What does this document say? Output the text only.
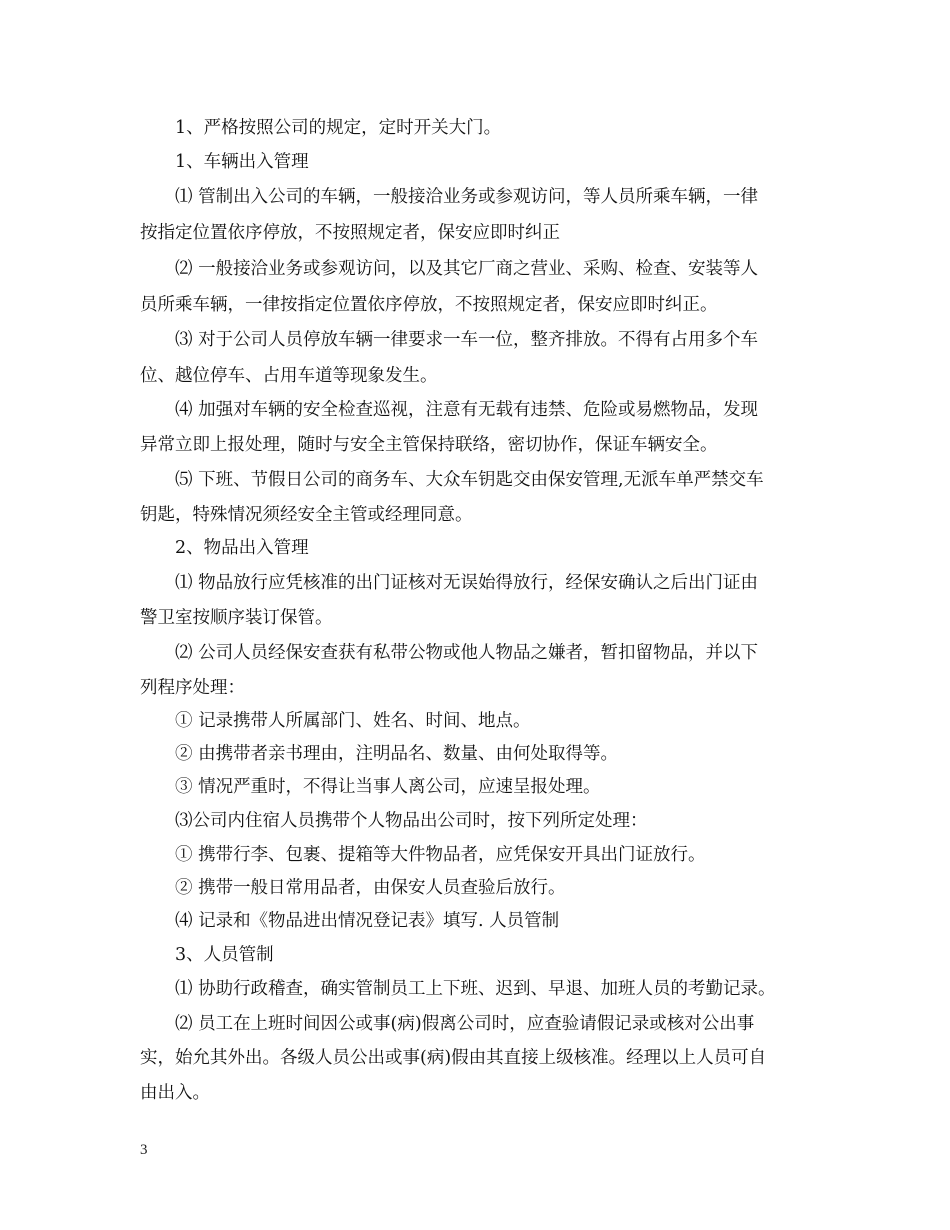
1、严格按照公司的规定，定时开关大门。
1、车辆出入管理
⑴ 管制出入公司的车辆，一般接洽业务或参观访问，等人员所乘车辆，一律
按指定位置依序停放，不按照规定者，保安应即时纠正
⑵ 一般接洽业务或参观访问，以及其它厂商之营业、采购、检查、安装等人
员所乘车辆，一律按指定位置依序停放，不按照规定者，保安应即时纠正。
⑶ 对于公司人员停放车辆一律要求一车一位，整齐排放。不得有占用多个车
位、越位停车、占用车道等现象发生。
⑷ 加强对车辆的安全检查巡视，注意有无载有违禁、危险或易燃物品，发现
异常立即上报处理，随时与安全主管保持联络，密切协作，保证车辆安全。
⑸ 下班、节假日公司的商务车、大众车钥匙交由保安管理,无派车单严禁交车
钥匙，特殊情况须经安全主管或经理同意。
2、物品出入管理
⑴ 物品放行应凭核准的出门证核对无误始得放行，经保安确认之后出门证由
警卫室按顺序装订保管。
⑵ 公司人员经保安查获有私带公物或他人物品之嫌者，暂扣留物品，并以下
列程序处理：
① 记录携带人所属部门、姓名、时间、地点。
② 由携带者亲书理由，注明品名、数量、由何处取得等。
③ 情况严重时，不得让当事人离公司，应速呈报处理。
⑶公司内住宿人员携带个人物品出公司时，按下列所定处理：
① 携带行李、包裹、提箱等大件物品者，应凭保安开具出门证放行。
② 携带一般日常用品者，由保安人员查验后放行。
⑷ 记录和《物品进出情况登记表》填写. 人员管制
3、人员管制
⑴ 协助行政稽查，确实管制员工上下班、迟到、早退、加班人员的考勤记录。
⑵ 员工在上班时间因公或事(病)假离公司时，应查验请假记录或核对公出事
实，始允其外出。各级人员公出或事(病)假由其直接上级核准。经理以上人员可自
由出入。
3
